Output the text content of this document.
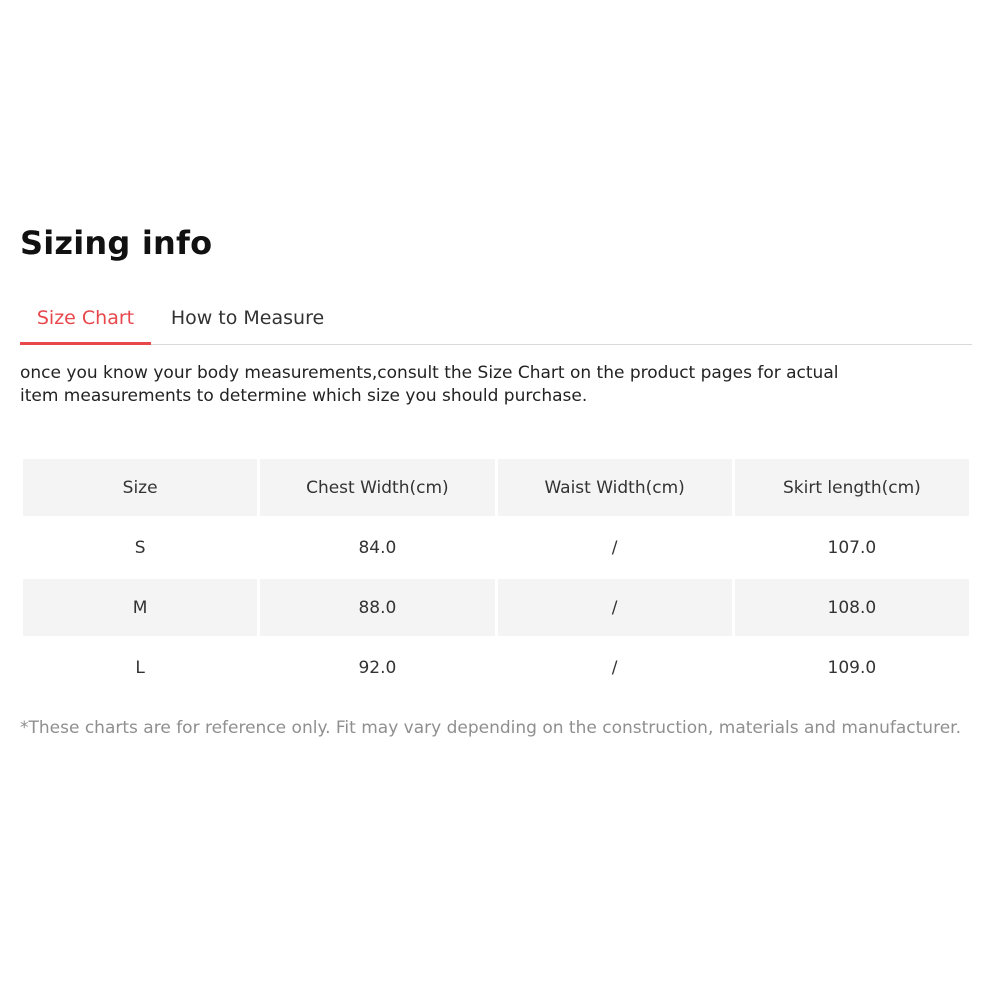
Sizing info
Size Chart	How to Measure

once you know your body measurements,consult the Size Chart on the product pages for actual item measurements to determine which size you should purchase.

Size	Chest Width(cm)	Waist Width(cm)	Skirt length(cm)
S	84.0	/	107.0
M	88.0	/	108.0
L	92.0	/	109.0

*These charts are for reference only. Fit may vary depending on the construction, materials and manufacturer.
